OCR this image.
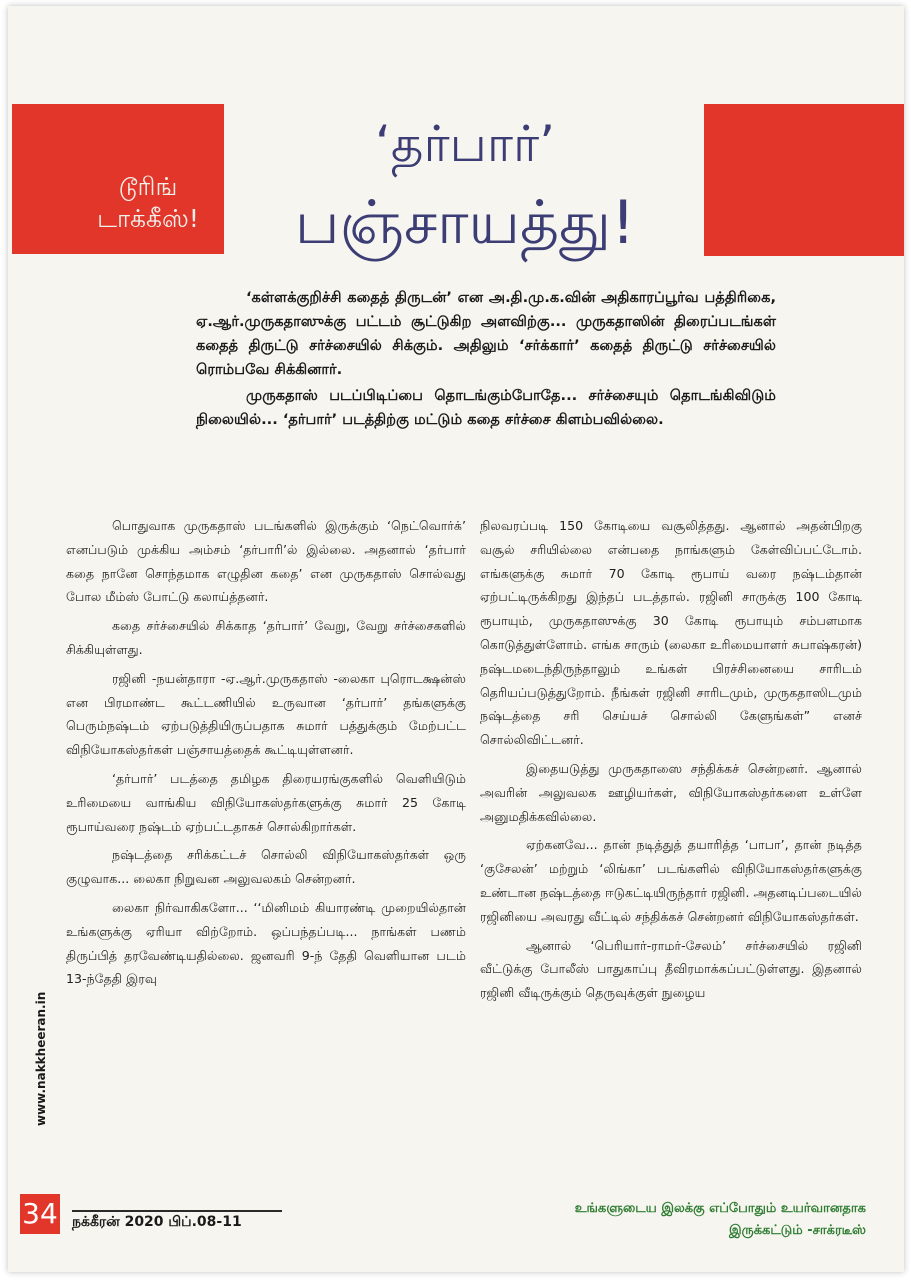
டூரிங்
டாக்கீஸ்!
‘தர்பார்’
பஞ்சாயத்து!

‘கள்ளக்குறிச்சி கதைத் திருடன்’ என அ.தி.மு.க.வின் அதிகாரப்பூர்வ பத்திரிகை, ஏ.ஆர்.முருகதாஸுக்கு பட்டம் சூட்டுகிற அளவிற்கு... முருகதாஸின் திரைப்படங்கள் கதைத் திருட்டு சர்ச்சையில் சிக்கும். அதிலும் ‘சர்க்கார்’ கதைத் திருட்டு சர்ச்சையில் ரொம்பவே சிக்கினார்.

முருகதாஸ் படப்பிடிப்பை தொடங்கும்போதே... சர்ச்சையும் தொடங்கிவிடும் நிலையில்... ‘தர்பார்’ படத்திற்கு மட்டும் கதை சர்ச்சை கிளம்பவில்லை.

பொதுவாக முருகதாஸ் படங்களில் இருக்கும் ‘நெட்வொர்க்’ எனப்படும் முக்கிய அம்சம் ‘தர்பாரி’ல் இல்லை. அதனால் ‘தர்பார் கதை நானே சொந்தமாக எழுதின கதை’ என முருகதாஸ் சொல்வது போல மீம்ஸ் போட்டு கலாய்த்தனர்.

கதை சர்ச்சையில் சிக்காத ‘தர்பார்’ வேறு, வேறு சர்ச்சைகளில் சிக்கியுள்ளது.

ரஜினி -நயன்தாரா -ஏ.ஆர்.முருகதாஸ் -லைகா புரொடக்ஷன்ஸ் என பிரமாண்ட கூட்டணியில் உருவான ‘தர்பார்’ தங்களுக்கு பெரும்நஷ்டம் ஏற்படுத்தியிருப்பதாக சுமார் பத்துக்கும் மேற்பட்ட விநியோகஸ்தர்கள் பஞ்சாயத்தைக் கூட்டியுள்ளனர்.

‘தர்பார்’ படத்தை தமிழக திரையரங்குகளில் வெளியிடும் உரிமையை வாங்கிய விநியோகஸ்தர்களுக்கு சுமார் 25 கோடி ரூபாய்வரை நஷ்டம் ஏற்பட்டதாகச் சொல்கிறார்கள்.

நஷ்டத்தை சரிக்கட்டச் சொல்லி விநியோகஸ்தர்கள் ஒரு குழுவாக... லைகா நிறுவன அலுவலகம் சென்றனர்.

லைகா நிர்வாகிகளோ... ‘‘மினிமம் கியாரண்டி முறையில்தான் உங்களுக்கு ஏரியா விற்றோம். ஒப்பந்தப்படி... நாங்கள் பணம் திருப்பித் தரவேண்டியதில்லை. ஜனவரி 9-ந் தேதி வெளியான படம் 13-ந்தேதி இரவு

நிலவரப்படி 150 கோடியை வசூலித்தது. ஆனால் அதன்பிறகு வசூல் சரியில்லை என்பதை நாங்களும் கேள்விப்பட்டோம். எங்களுக்கு சுமார் 70 கோடி ரூபாய் வரை நஷ்டம்தான் ஏற்பட்டிருக்கிறது இந்தப் படத்தால். ரஜினி சாருக்கு 100 கோடி ரூபாயும், முருகதாஸுக்கு 30 கோடி ரூபாயும் சம்பளமாக கொடுத்துள்ளோம். எங்க சாரும் (லைகா உரிமையாளர் சுபாஷ்கரன்) நஷ்டமடைந்திருந்தாலும் உங்கள் பிரச்சினையை சாரிடம் தெரியப்படுத்துறோம். நீங்கள் ரஜினி சாரிடமும், முருகதாஸிடமும் நஷ்டத்தை சரி செய்யச் சொல்லி கேளுங்கள்” எனச் சொல்லிவிட்டனர்.

இதையடுத்து முருகதாஸை சந்திக்கச் சென்றனர். ஆனால் அவரின் அலுவலக ஊழியர்கள், விநியோகஸ்தர்களை உள்ளே அனுமதிக்கவில்லை.

ஏற்கனவே... தான் நடித்துத் தயாரித்த ‘பாபா’, தான் நடித்த ‘குசேலன்’ மற்றும் ‘லிங்கா’ படங்களில் விநியோகஸ்தர்களுக்கு உண்டான நஷ்டத்தை ஈடுகட்டியிருந்தார் ரஜினி. அதனடிப்படையில் ரஜினியை அவரது வீட்டில் சந்திக்கச் சென்றனர் விநியோகஸ்தர்கள்.

ஆனால் ‘பெரியார்-ராமர்-சேலம்’ சர்ச்சையில் ரஜினி வீட்டுக்கு போலீஸ் பாதுகாப்பு தீவிரமாக்கப்பட்டுள்ளது. இதனால் ரஜினி வீடிருக்கும் தெருவுக்குள் நுழைய

www.nakkheeran.in
34 நக்கீரன் 2020 பிப்.08-11
உங்களுடைய இலக்கு எப்போதும் உயர்வானதாக
இருக்கட்டும் -சாக்ரடீஸ்
